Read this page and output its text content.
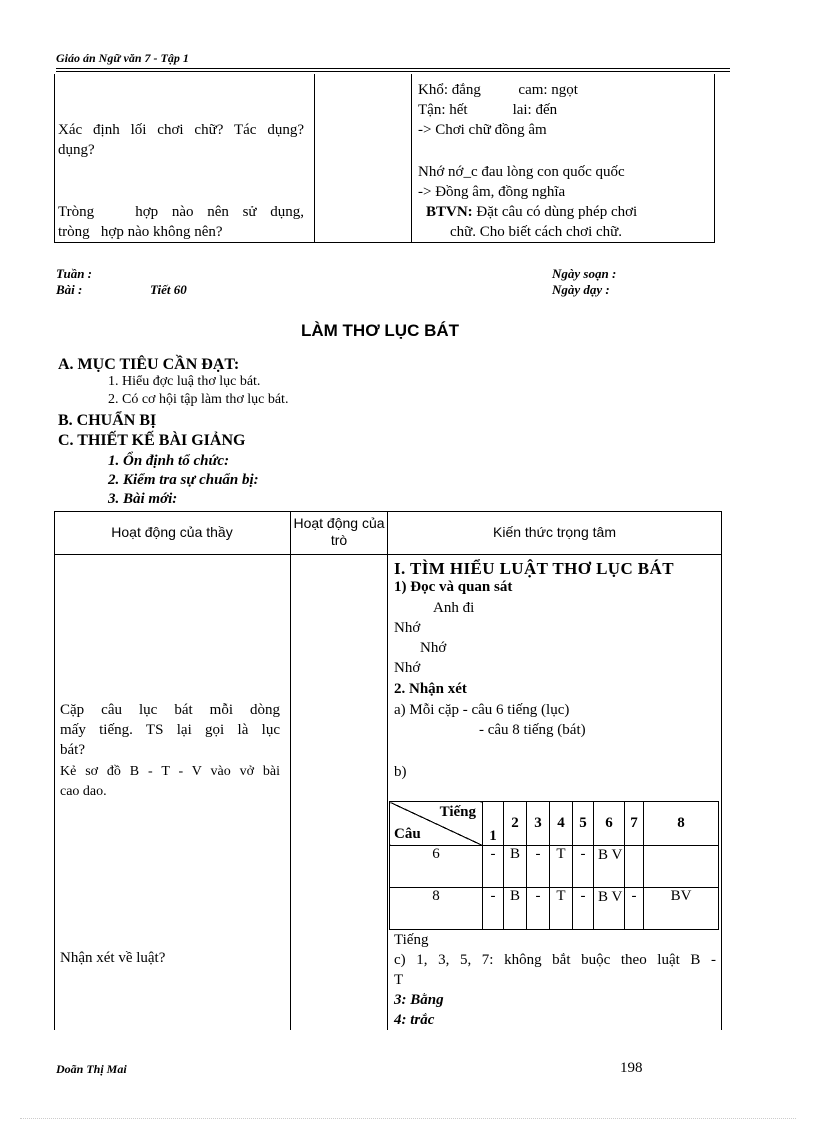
Giáo án Ngữ văn 7 - Tập 1
Xác định lối chơi chữ? Tác dụng?
dụng?
Tròng   hợp nào nên sử dụng,
tròng   hợp nào không nên?
Khổ: đắng          cam: ngọt
Tận: hết            lai: đến
-> Chơi chữ đồng âm
Nhớ nớ_c đau lòng con quốc quốc
-> Đồng âm, đồng nghĩa
BTVN: Đặt câu có dùng phép chơi
chữ. Cho biết cách chơi chữ.
Tuần :
Bài :	Tiết 60
Ngày soạn :
Ngày dạy :
LÀM THƠ LỤC BÁT
A. MỤC TIÊU CẦN ĐẠT:
1. Hiểu đợc luậ thơ lục bát.
2. Có cơ hội tập làm thơ lục bát.
B. CHUẨN BỊ
C. THIẾT KẾ BÀI GIẢNG
1. Ổn định tổ chức:
2. Kiểm tra sự chuẩn bị:
3. Bài mới:
Hoạt động của thầy
Hoạt động của trò	Kiến thức trọng tâm
Cặp câu lục bát mỗi dòng
mấy tiếng. TS lại gọi là lục
bát?
Kẻ sơ đồ B - T - V vào vở bài
cao dao.
Nhận xét về luật?
I. TÌM HIỂU LUẬT THƠ LỤC BÁT
1) Đọc và quan sát
Anh đi
Nhớ
Nhớ
Nhớ
2. Nhận xét
a) Mỗi cặp - câu 6 tiếng (lục)
- câu 8 tiếng (bát)
b)
Tiếng
c) 1, 3, 5, 7: không bắt buộc theo luật B -
T
3: Bằng
4: trắc
Tiếng
Câu	1	2	3	4	5	6	7	8
6	-	B	-	T	-	B V		
8	-	B	-	T	-	B V	-	BV
Doãn Thị Mai	198
